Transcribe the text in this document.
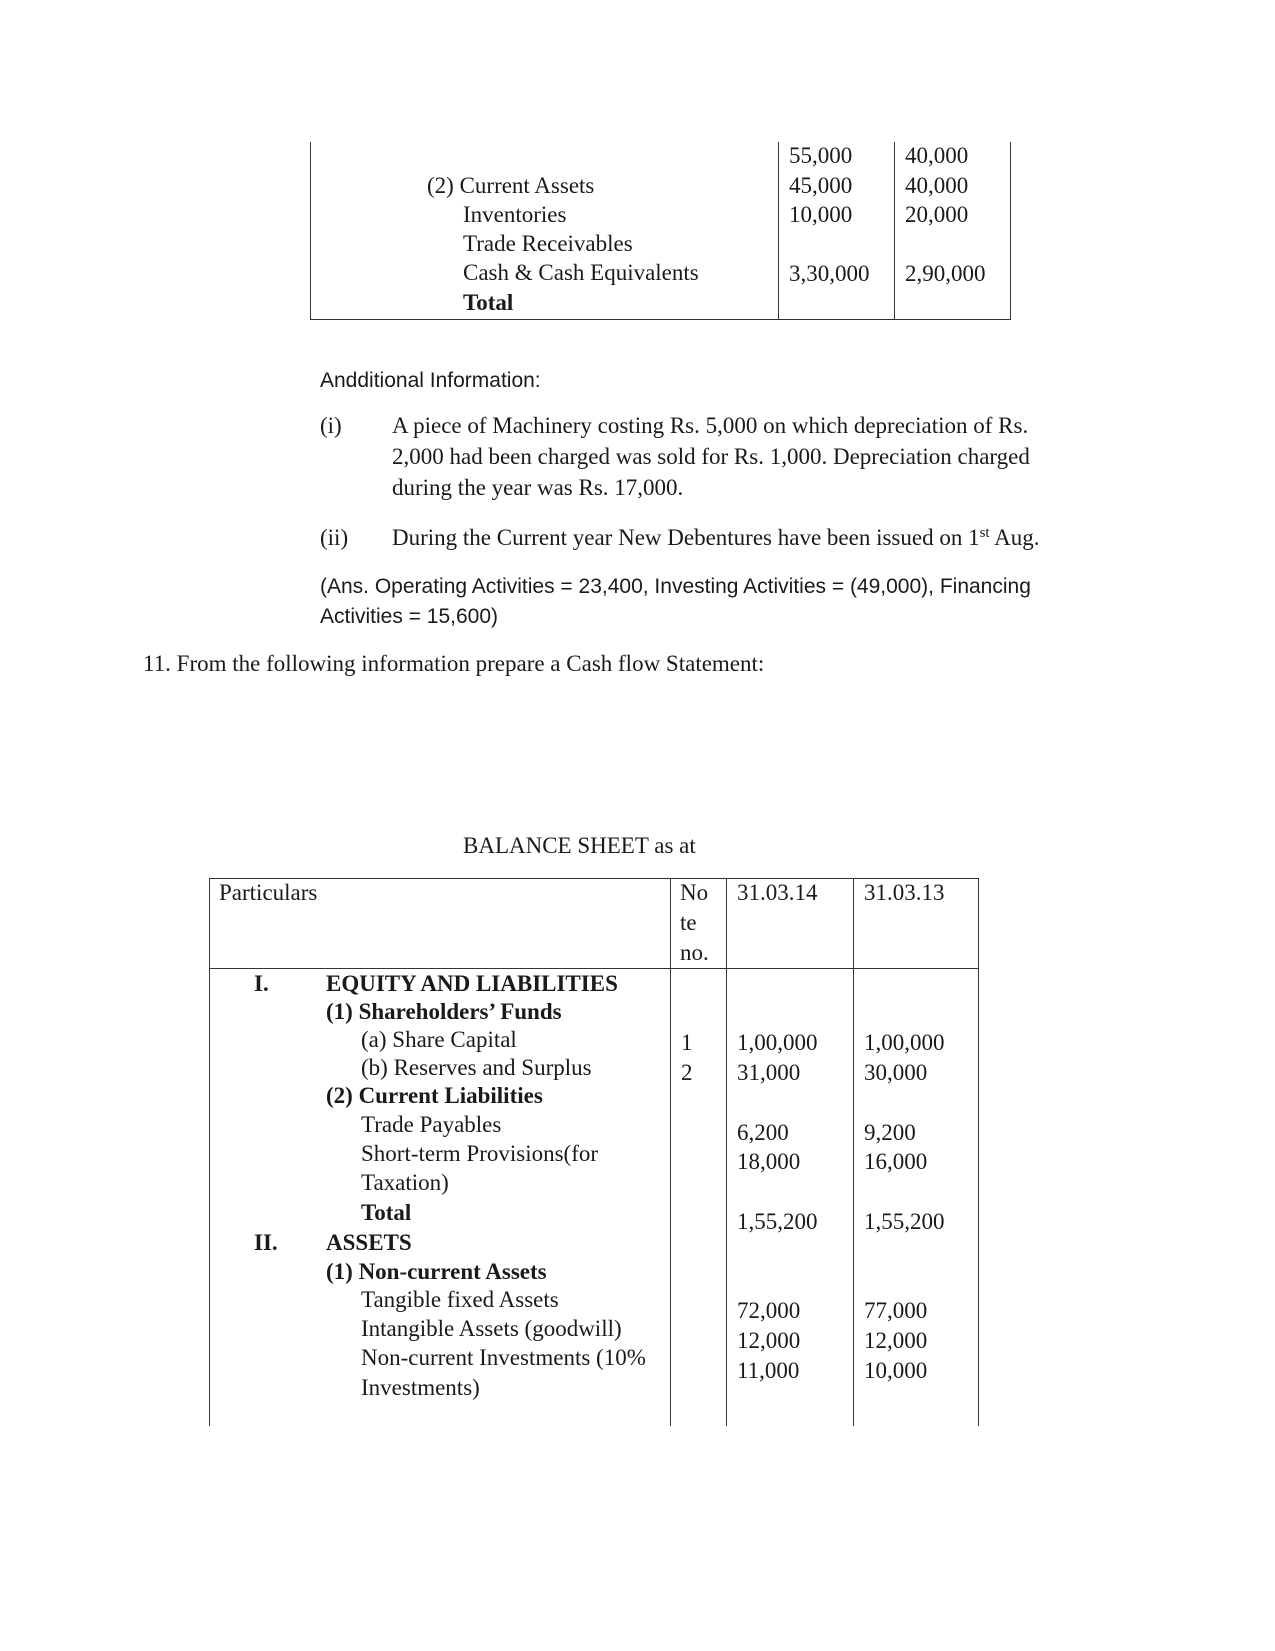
(2) Current Assets
Inventories
Trade Receivables
Cash & Cash Equivalents
Total
55,000
45,000
10,000
3,30,000
40,000
40,000
20,000
2,90,000
Andditional Information:
(i) A piece of Machinery costing Rs. 5,000 on which depreciation of Rs.
2,000 had been charged was sold for Rs. 1,000. Depreciation charged
during the year was Rs. 17,000.
(ii) During the Current year New Debentures have been issued on 1st Aug.
(Ans. Operating Activities = 23,400, Investing Activities = (49,000), Financing
Activities = 15,600)
11. From the following information prepare a Cash flow Statement:
BALANCE SHEET as at
Particulars	No
te
no.
31.03.14 31.03.13
I. EQUITY AND LIABILITIES
(1) Shareholders’ Funds
(a) Share Capital
(b) Reserves and Surplus
(2) Current Liabilities
Trade Payables
Short-term Provisions(for
Taxation)
Total
II. ASSETS
(1) Non-current Assets
Tangible fixed Assets
Intangible Assets (goodwill)
Non-current Investments (10%
Investments)
1
2
1,00,000
31,000
6,200
18,000
1,55,200
72,000
12,000
11,000
1,00,000
30,000
9,200
16,000
1,55,200
77,000
12,000
10,000
